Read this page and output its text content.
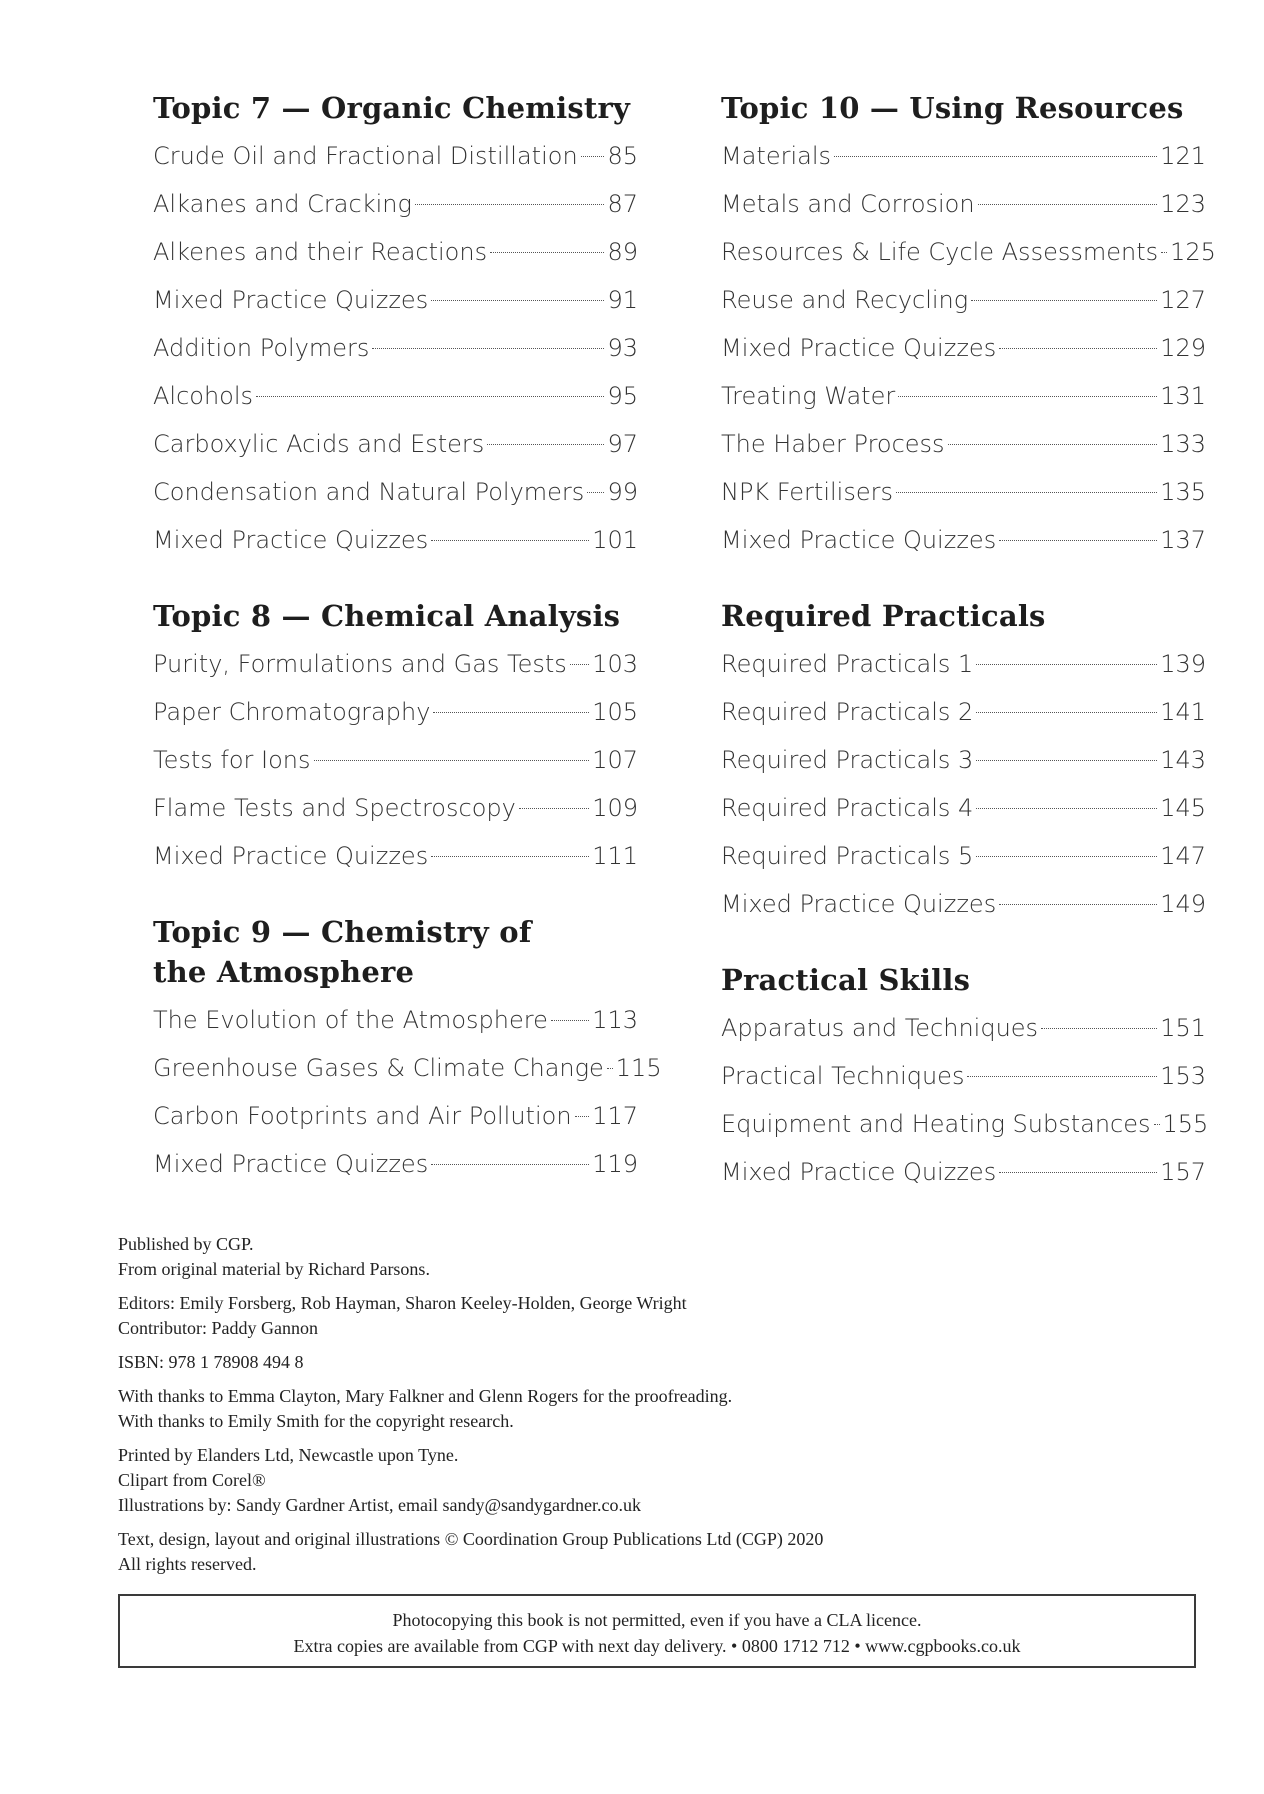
Topic 7 — Organic Chemistry
Crude Oil and Fractional Distillation 85
Alkanes and Cracking	87
Alkenes and their Reactions	89
Mixed Practice Quizzes	91
Addition Polymers	93
Alcohols	95
Carboxylic Acids and Esters	97
Condensation and Natural Polymers 99
Mixed Practice Quizzes	101
Topic 8 — Chemical Analysis
Purity, Formulations and Gas Tests 103
Paper Chromatography	105
Tests for Ions	107
Flame Tests and Spectroscopy	109
Mixed Practice Quizzes	111
Topic 9 — Chemistry of the Atmosphere
The Evolution of the Atmosphere 113
Greenhouse Gases & Climate Change 115
Carbon Footprints and Air Pollution 117
Mixed Practice Quizzes	119
Topic 10 — Using Resources
Materials	121
Metals and Corrosion	123
Resources & Life Cycle Assessments 125
Reuse and Recycling	127
Mixed Practice Quizzes	129
Treating Water	131
The Haber Process	133
NPK Fertilisers	135
Mixed Practice Quizzes	137
Required Practicals
Required Practicals 1	139
Required Practicals 2	141
Required Practicals 3	143
Required Practicals 4	145
Required Practicals 5	147
Mixed Practice Quizzes	149
Practical Skills
Apparatus and Techniques	151
Practical Techniques	153
Equipment and Heating Substances 155
Mixed Practice Quizzes	157

Published by CGP.

From original material by Richard Parsons.

Editors: Emily Forsberg, Rob Hayman, Sharon Keeley-Holden, George Wright

Contributor: Paddy Gannon

ISBN: 978 1 78908 494 8

With thanks to Emma Clayton, Mary Falkner and Glenn Rogers for the proofreading.

With thanks to Emily Smith for the copyright research.

Printed by Elanders Ltd, Newcastle upon Tyne.

Clipart from Corel®

Illustrations by: Sandy Gardner Artist, email sandy@sandygardner.co.uk

Text, design, layout and original illustrations © Coordination Group Publications Ltd (CGP) 2020

All rights reserved.

Photocopying this book is not permitted, even if you have a CLA licence.

Extra copies are available from CGP with next day delivery. • 0800 1712 712 • www.cgpbooks.co.uk
